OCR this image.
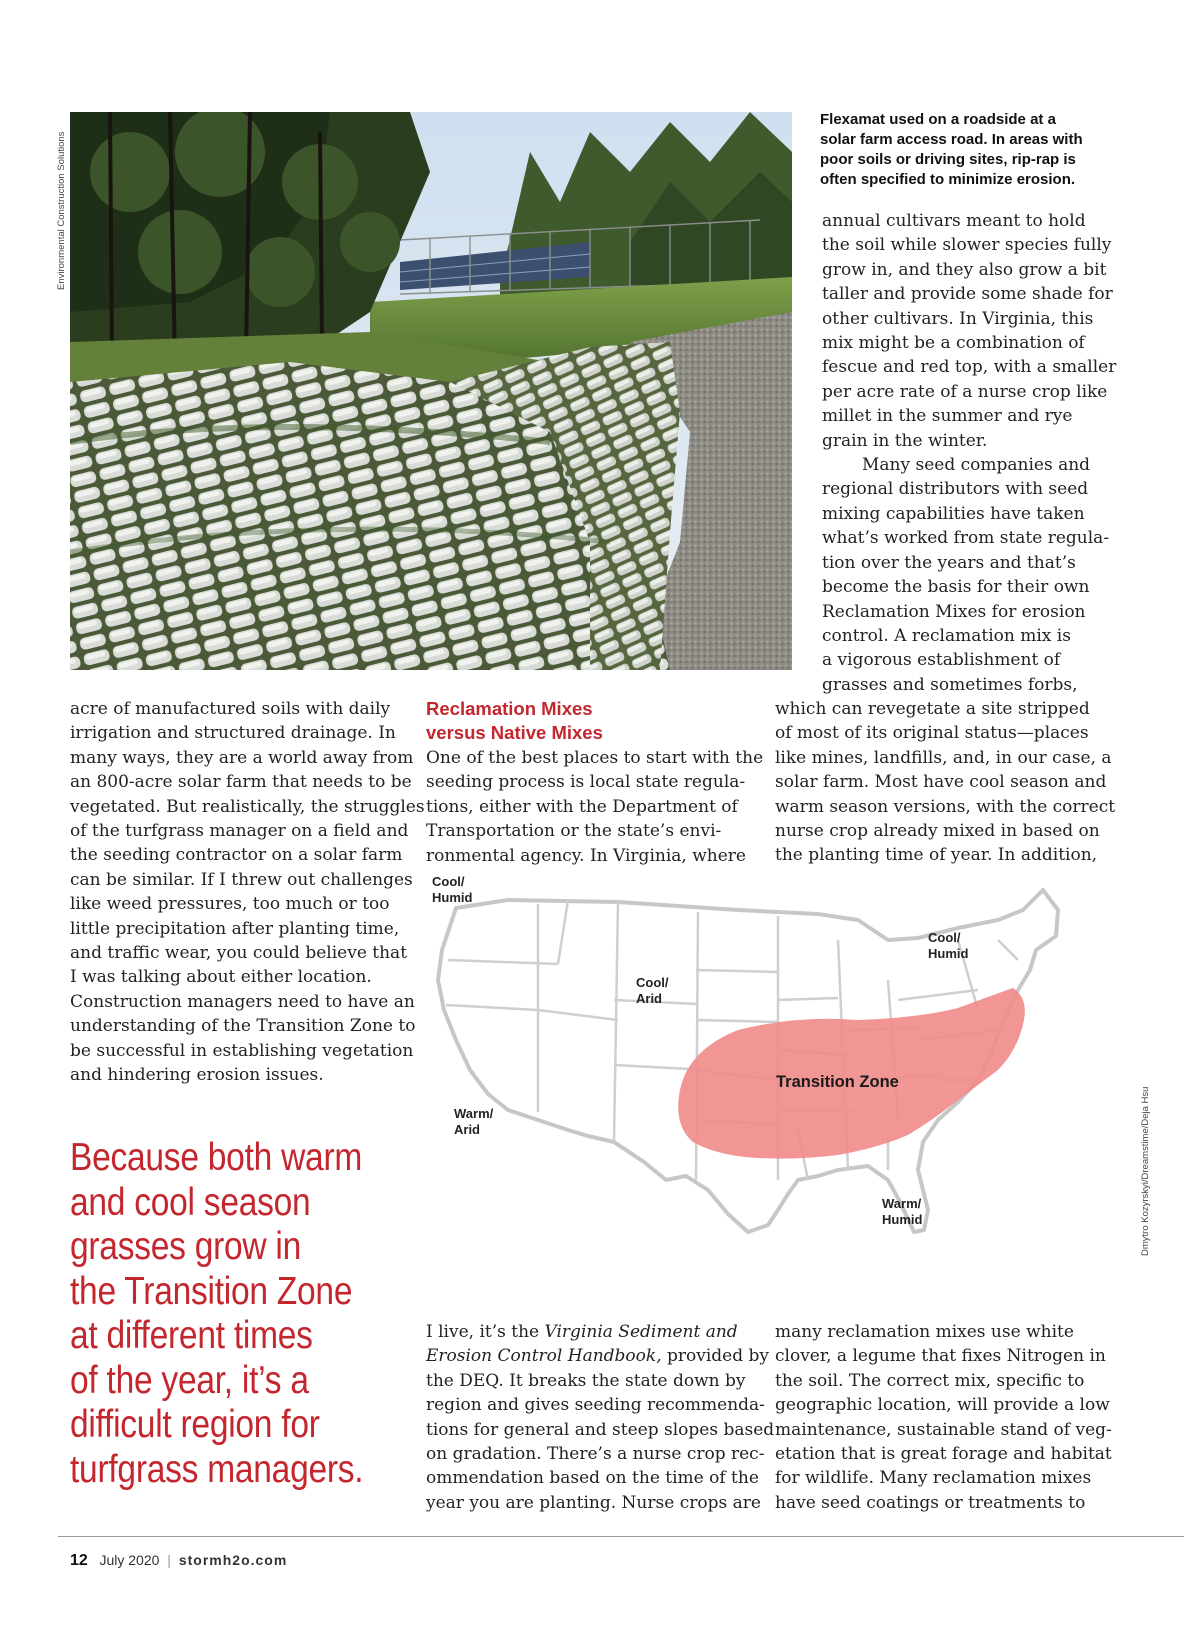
Environmental Construction Solutions
Flexamat used on a roadside at a
solar farm access road. In areas with
poor soils or driving sites, rip-rap is
often specified to minimize erosion.
annual cultivars meant to hold
the soil while slower species fully
grow in, and they also grow a bit
taller and provide some shade for
other cultivars. In Virginia, this
mix might be a combination of
fescue and red top, with a smaller
per acre rate of a nurse crop like
millet in the summer and rye
grain in the winter.
Many seed companies and
regional distributors with seed
mixing capabilities have taken
what’s worked from state regula-
tion over the years and that’s
become the basis for their own
Reclamation Mixes for erosion
control. A reclamation mix is
a vigorous establishment of
grasses and sometimes forbs,
which can revegetate a site stripped
of most of its original status—places
like mines, landfills, and, in our case, a
solar farm. Most have cool season and
warm season versions, with the correct
nurse crop already mixed in based on
the planting time of year. In addition,
acre of manufactured soils with daily
irrigation and structured drainage. In
many ways, they are a world away from
an 800-acre solar farm that needs to be
vegetated. But realistically, the struggles
of the turfgrass manager on a field and
the seeding contractor on a solar farm
can be similar. If I threw out challenges
like weed pressures, too much or too
little precipitation after planting time,
and traffic wear, you could believe that
I was talking about either location.
Construction managers need to have an
understanding of the Transition Zone to
be successful in establishing vegetation
and hindering erosion issues.
Reclamation Mixes
versus Native Mixes
One of the best places to start with the
seeding process is local state regula-
tions, either with the Department of
Transportation or the state’s envi-
ronmental agency. In Virginia, where
Because both warm
and cool season
grasses grow in
the Transition Zone
at different times
of the year, it’s a
difficult region for
turfgrass managers.
Transition Zone
Cool/
Humid
Cool/
Humid
Cool/
Arid
Warm/
Arid
Warm/
Humid	Dmytro Kozyrskyi/Dreamstime/Deja Hsu
I live, it’s the Virginia Sediment and
Erosion Control Handbook, provided by
the DEQ. It breaks the state down by
region and gives seeding recommenda-
tions for general and steep slopes based
on gradation. There’s a nurse crop rec-
ommendation based on the time of the
year you are planting. Nurse crops are
many reclamation mixes use white
clover, a legume that fixes Nitrogen in
the soil. The correct mix, specific to
geographic location, will provide a low
maintenance, sustainable stand of veg-
etation that is great forage and habitat
for wildlife. Many reclamation mixes
have seed coatings or treatments to
12 July 2020 | stormh2o.com
